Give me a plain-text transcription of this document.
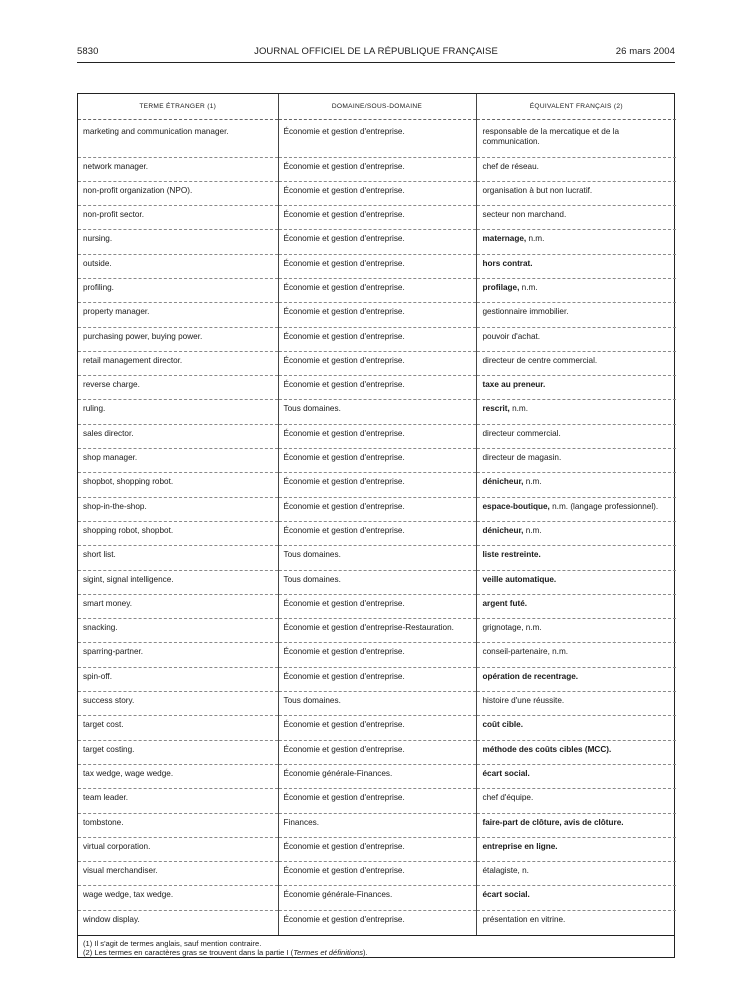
5830	JOURNAL OFFICIEL DE LA RÉPUBLIQUE FRANÇAISE	26 mars 2004
TERME ÉTRANGER (1)	DOMAINE/SOUS-DOMAINE	ÉQUIVALENT FRANÇAIS (2)
marketing and communication manager.	Économie et gestion d'entreprise.	responsable de la mercatique et de la communication.
network manager.	Économie et gestion d'entreprise.	chef de réseau.
non-profit organization (NPO).	Économie et gestion d'entreprise.	organisation à but non lucratif.
non-profit sector.	Économie et gestion d'entreprise.	secteur non marchand.
nursing.	Économie et gestion d'entreprise.	maternage, n.m.
outside.	Économie et gestion d'entreprise.	hors contrat.
profiling.	Économie et gestion d'entreprise.	profilage, n.m.
property manager.	Économie et gestion d'entreprise.	gestionnaire immobilier.
purchasing power, buying power.	Économie et gestion d'entreprise.	pouvoir d'achat.
retail management director.	Économie et gestion d'entreprise.	directeur de centre commercial.
reverse charge.	Économie et gestion d'entreprise.	taxe au preneur.
ruling.	Tous domaines.	rescrit, n.m.
sales director.	Économie et gestion d'entreprise.	directeur commercial.
shop manager.	Économie et gestion d'entreprise.	directeur de magasin.
shopbot, shopping robot.	Économie et gestion d'entreprise.	dénicheur, n.m.
shop-in-the-shop.	Économie et gestion d'entreprise.	espace-boutique, n.m. (langage professionnel).
shopping robot, shopbot.	Économie et gestion d'entreprise.	dénicheur, n.m.
short list.	Tous domaines.	liste restreinte.
sigint, signal intelligence.	Tous domaines.	veille automatique.
smart money.	Économie et gestion d'entreprise.	argent futé.
snacking.	Économie et gestion d'entreprise-Restauration.	grignotage, n.m.
sparring-partner.	Économie et gestion d'entreprise.	conseil-partenaire, n.m.
spin-off.	Économie et gestion d'entreprise.	opération de recentrage.
success story.	Tous domaines.	histoire d'une réussite.
target cost.	Économie et gestion d'entreprise.	coût cible.
target costing.	Économie et gestion d'entreprise.	méthode des coûts cibles (MCC).
tax wedge, wage wedge.	Économie générale-Finances.	écart social.
team leader.	Économie et gestion d'entreprise.	chef d'équipe.
tombstone.	Finances.	faire-part de clôture, avis de clôture.
virtual corporation.	Économie et gestion d'entreprise.	entreprise en ligne.
visual merchandiser.	Économie et gestion d'entreprise.	étalagiste, n.
wage wedge, tax wedge.	Économie générale-Finances.	écart social.
window display.	Économie et gestion d'entreprise.	présentation en vitrine.
(1) Il s'agit de termes anglais, sauf mention contraire.
(2) Les termes en caractères gras se trouvent dans la partie I (Termes et définitions).
